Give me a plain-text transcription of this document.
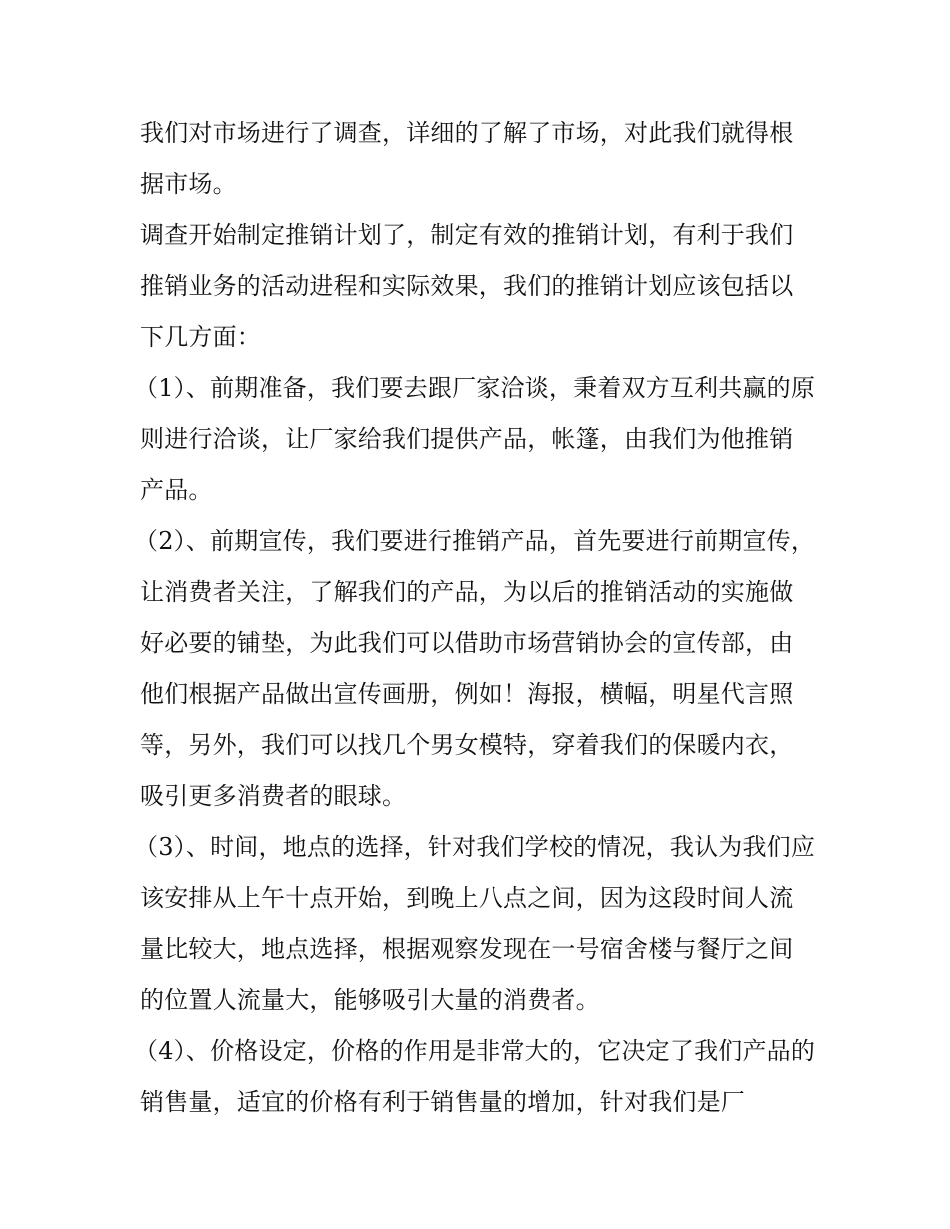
我们对市场进行了调查，详细的了解了市场，对此我们就得根据市场。

调查开始制定推销计划了，制定有效的推销计划，有利于我们推销业务的活动进程和实际效果，我们的推销计划应该包括以下几方面：

（1）、前期准备，我们要去跟厂家洽谈，秉着双方互利共赢的原则进行洽谈，让厂家给我们提供产品，帐篷，由我们为他推销产品。

（2）、前期宣传，我们要进行推销产品，首先要进行前期宣传，让消费者关注，了解我们的产品，为以后的推销活动的实施做好必要的铺垫，为此我们可以借助市场营销协会的宣传部，由他们根据产品做出宣传画册，例如！海报，横幅，明星代言照等，另外，我们可以找几个男女模特，穿着我们的保暖内衣，吸引更多消费者的眼球。

（3）、时间，地点的选择，针对我们学校的情况，我认为我们应该安排从上午十点开始，到晚上八点之间，因为这段时间人流量比较大，地点选择，根据观察发现在一号宿舍楼与餐厅之间的位置人流量大，能够吸引大量的消费者。

（4）、价格设定，价格的作用是非常大的，它决定了我们产品的销售量，适宜的价格有利于销售量的增加，针对我们是厂
